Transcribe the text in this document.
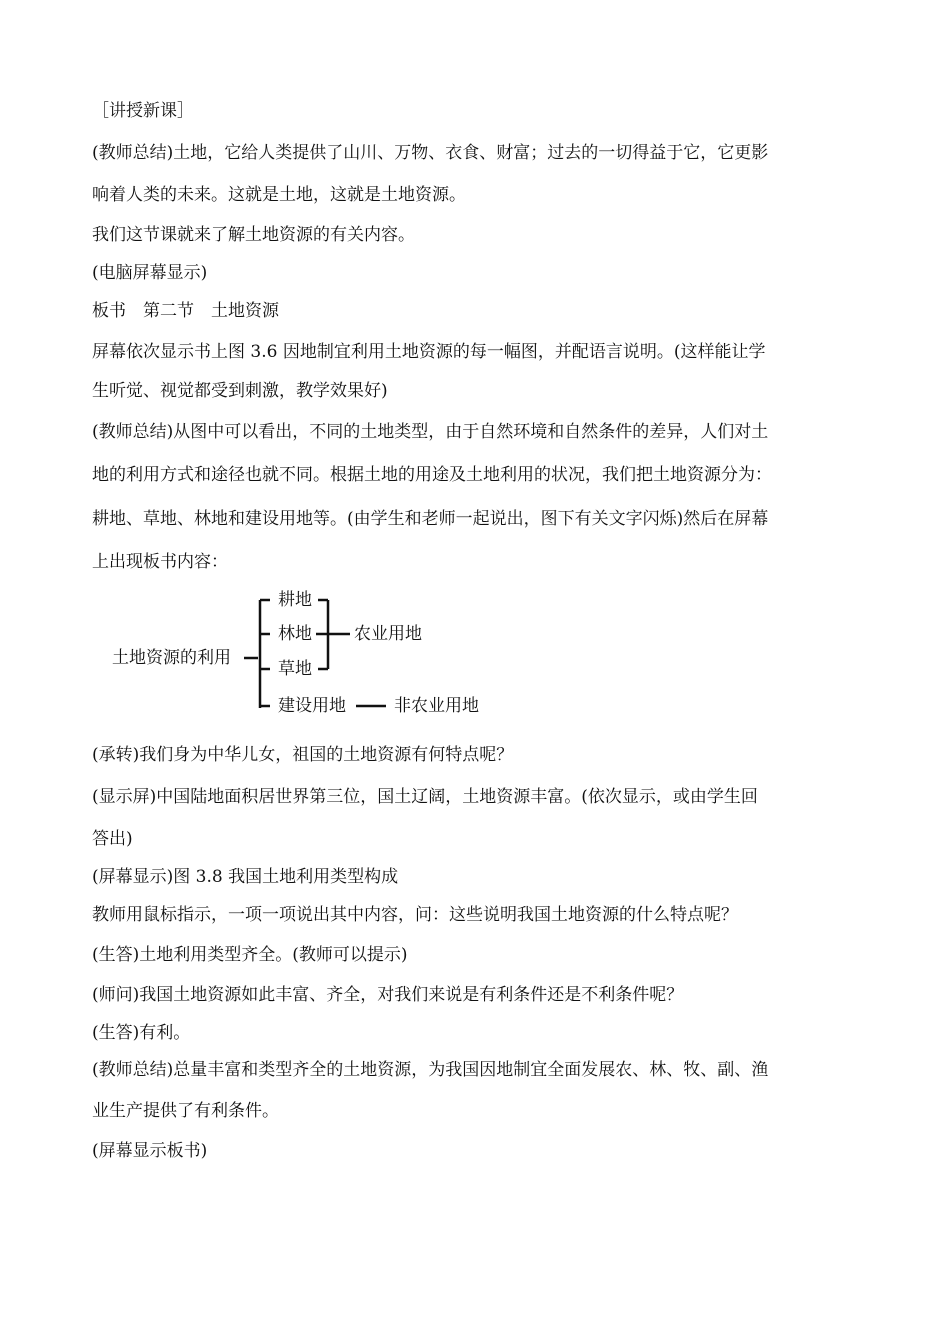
［讲授新课］
(教师总结)土地，它给人类提供了山川、万物、衣食、财富；过去的一切得益于它，它更影
响着人类的未来。这就是土地，这就是土地资源。
我们这节课就来了解土地资源的有关内容。
(电脑屏幕显示)
板书　第二节　土地资源
屏幕依次显示书上图 3.6 因地制宜利用土地资源的每一幅图，并配语言说明。(这样能让学
生听觉、视觉都受到刺激，教学效果好)
(教师总结)从图中可以看出，不同的土地类型，由于自然环境和自然条件的差异，人们对土
地的利用方式和途径也就不同。根据土地的用途及土地利用的状况，我们把土地资源分为：
耕地、草地、林地和建设用地等。(由学生和老师一起说出，图下有关文字闪烁)然后在屏幕
上出现板书内容：
土地资源的利用
耕地
林地
草地
建设用地
农业用地
非农业用地
(承转)我们身为中华儿女，祖国的土地资源有何特点呢？
(显示屏)中国陆地面积居世界第三位，国土辽阔，土地资源丰富。(依次显示，或由学生回
答出)
(屏幕显示)图 3.8 我国土地利用类型构成
教师用鼠标指示，一项一项说出其中内容，问：这些说明我国土地资源的什么特点呢？
(生答)土地利用类型齐全。(教师可以提示)
(师问)我国土地资源如此丰富、齐全，对我们来说是有利条件还是不利条件呢？
(生答)有利。
(教师总结)总量丰富和类型齐全的土地资源，为我国因地制宜全面发展农、林、牧、副、渔
业生产提供了有利条件。
(屏幕显示板书)
